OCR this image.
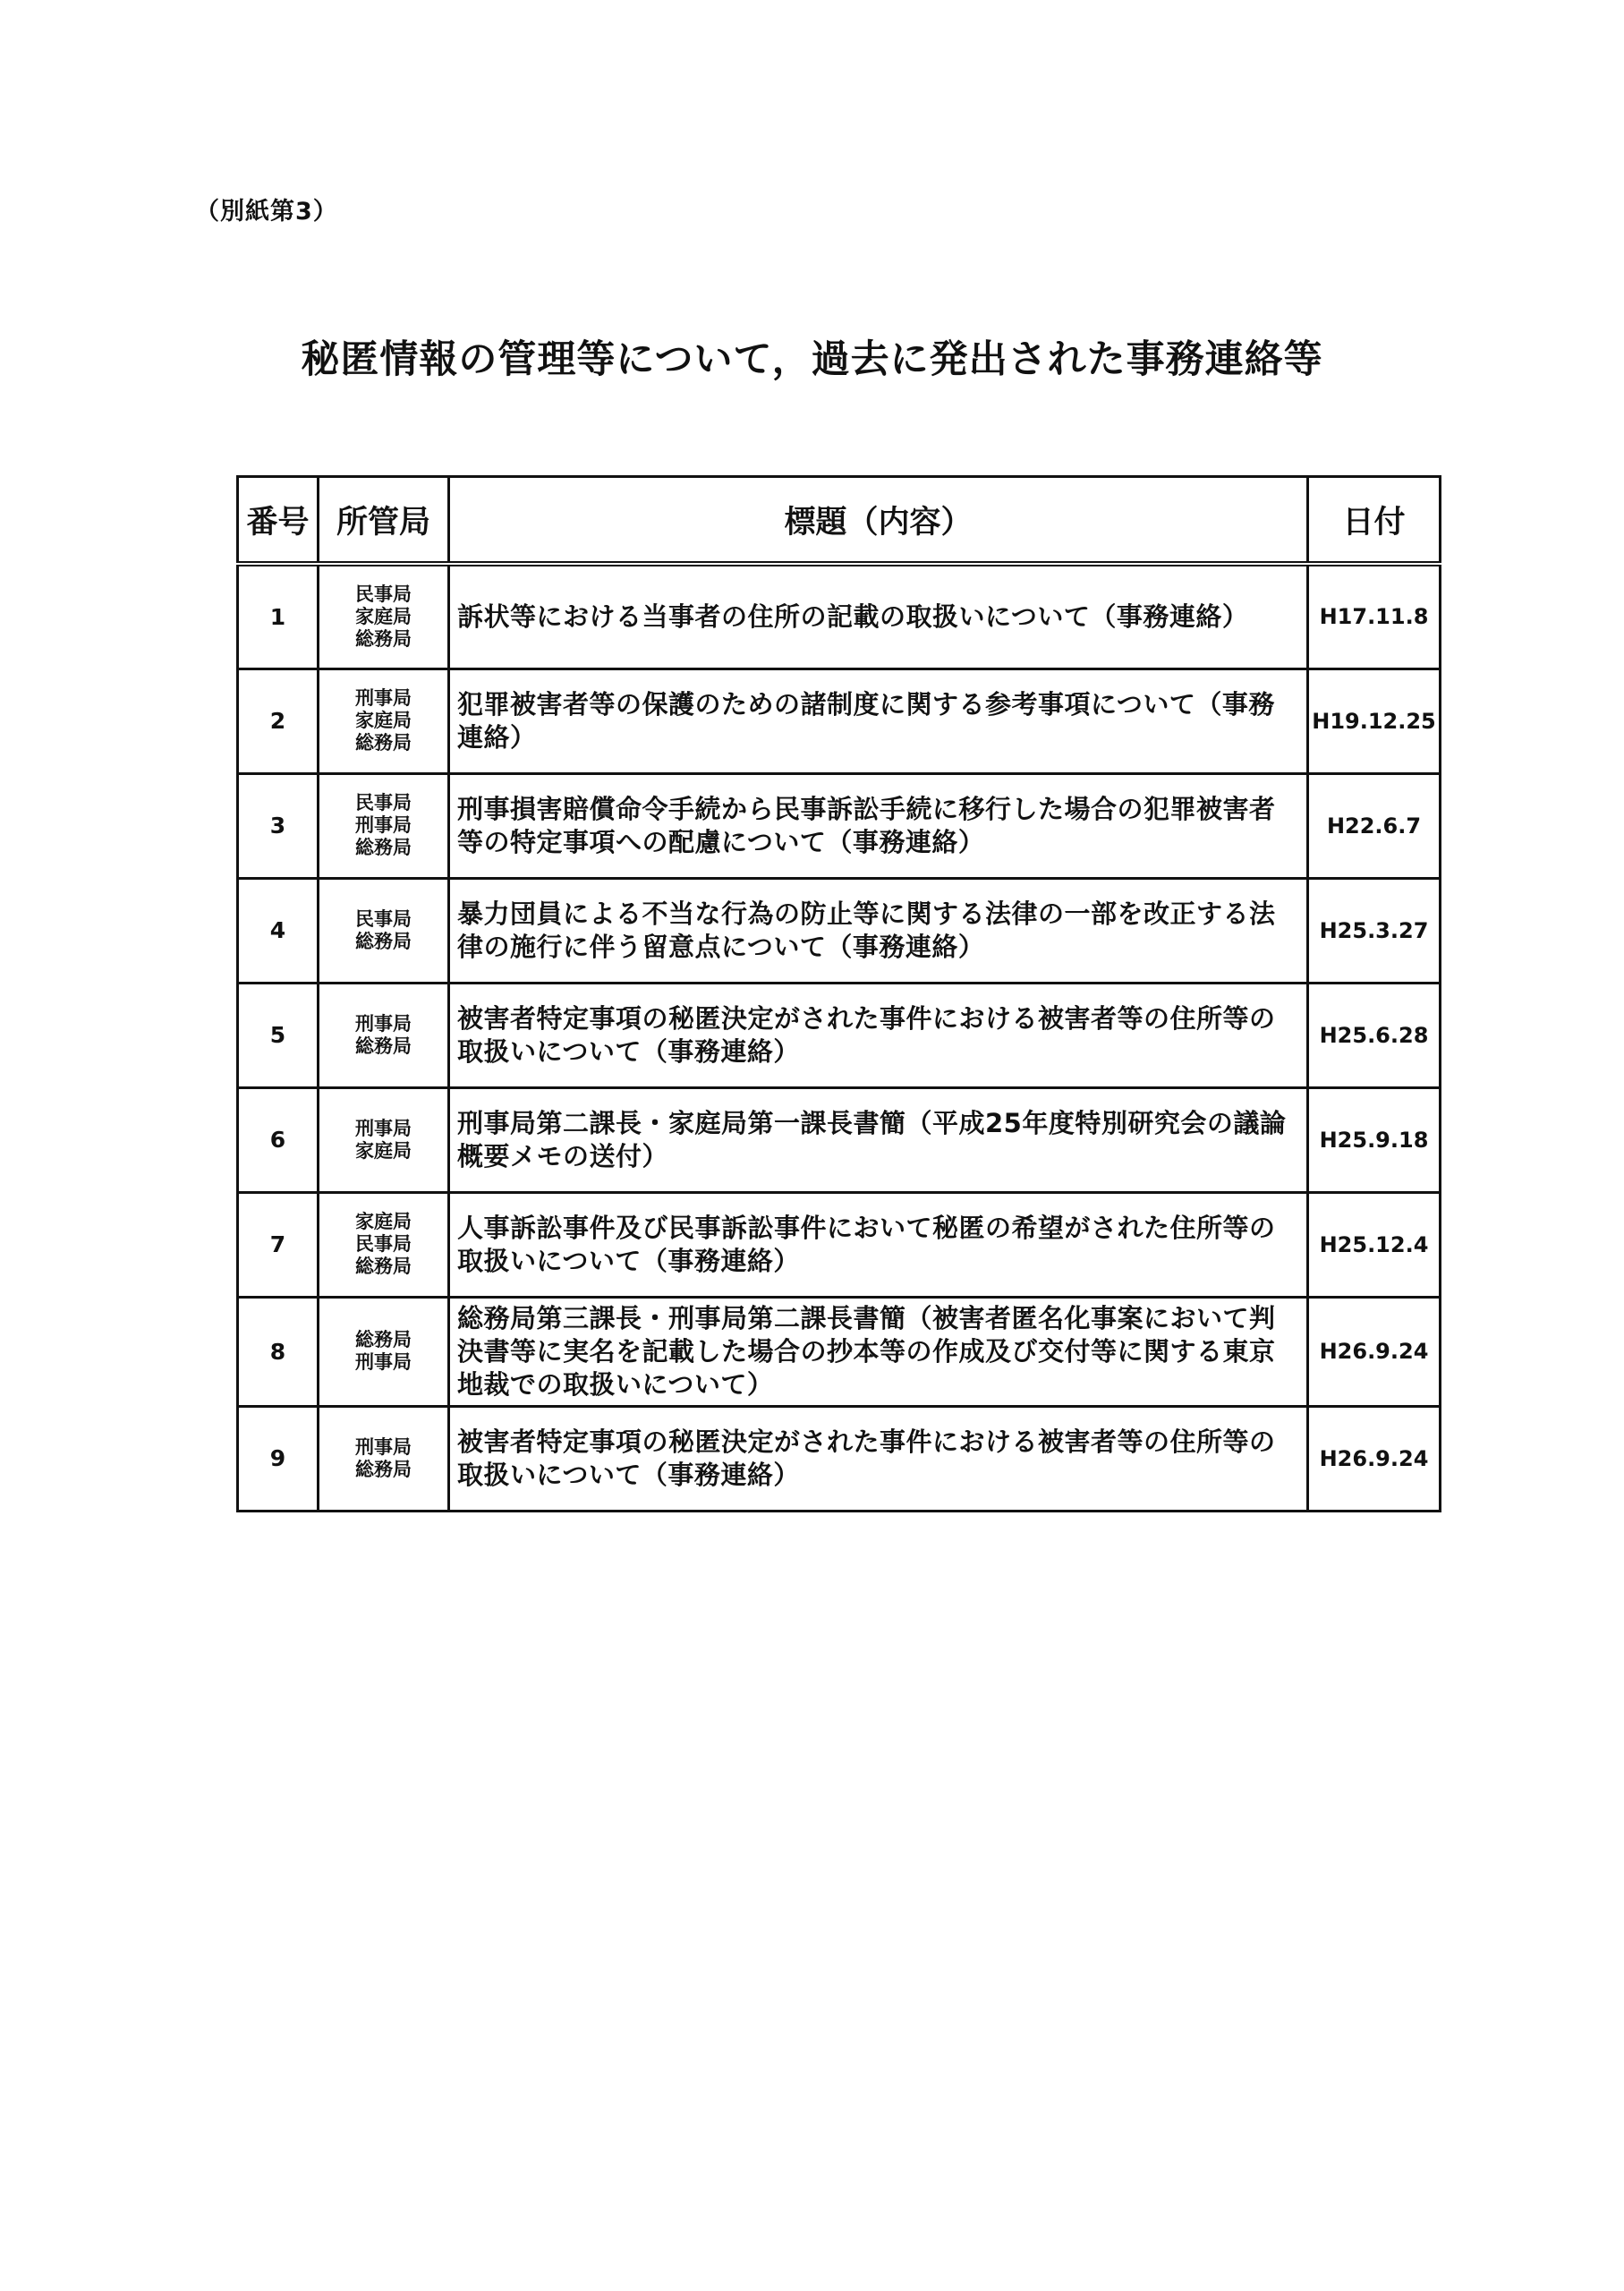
（別紙第3）
秘匿情報の管理等について，過去に発出された事務連絡等
番号	所管局	標題（内容）	日付
1	民事局
家庭局
総務局	訴状等における当事者の住所の記載の取扱いについて（事務連絡）	H17.11.8
2	刑事局
家庭局
総務局	犯罪被害者等の保護のための諸制度に関する参考事項について（事務連絡）	H19.12.25
3	民事局
刑事局
総務局	刑事損害賠償命令手続から民事訴訟手続に移行した場合の犯罪被害者等の特定事項への配慮について（事務連絡）	H22.6.7
4	民事局
総務局	暴力団員による不当な行為の防止等に関する法律の一部を改正する法律の施行に伴う留意点について（事務連絡）	H25.3.27
5	刑事局
総務局	被害者特定事項の秘匿決定がされた事件における被害者等の住所等の取扱いについて（事務連絡）	H25.6.28
6	刑事局
家庭局	刑事局第二課長・家庭局第一課長書簡（平成25年度特別研究会の議論概要メモの送付）	H25.9.18
7	家庭局
民事局
総務局	人事訴訟事件及び民事訴訟事件において秘匿の希望がされた住所等の取扱いについて（事務連絡）	H25.12.4
8	総務局
刑事局	総務局第三課長・刑事局第二課長書簡（被害者匿名化事案において判決書等に実名を記載した場合の抄本等の作成及び交付等に関する東京地裁での取扱いについて）	H26.9.24
9	刑事局
総務局	被害者特定事項の秘匿決定がされた事件における被害者等の住所等の取扱いについて（事務連絡）	H26.9.24
